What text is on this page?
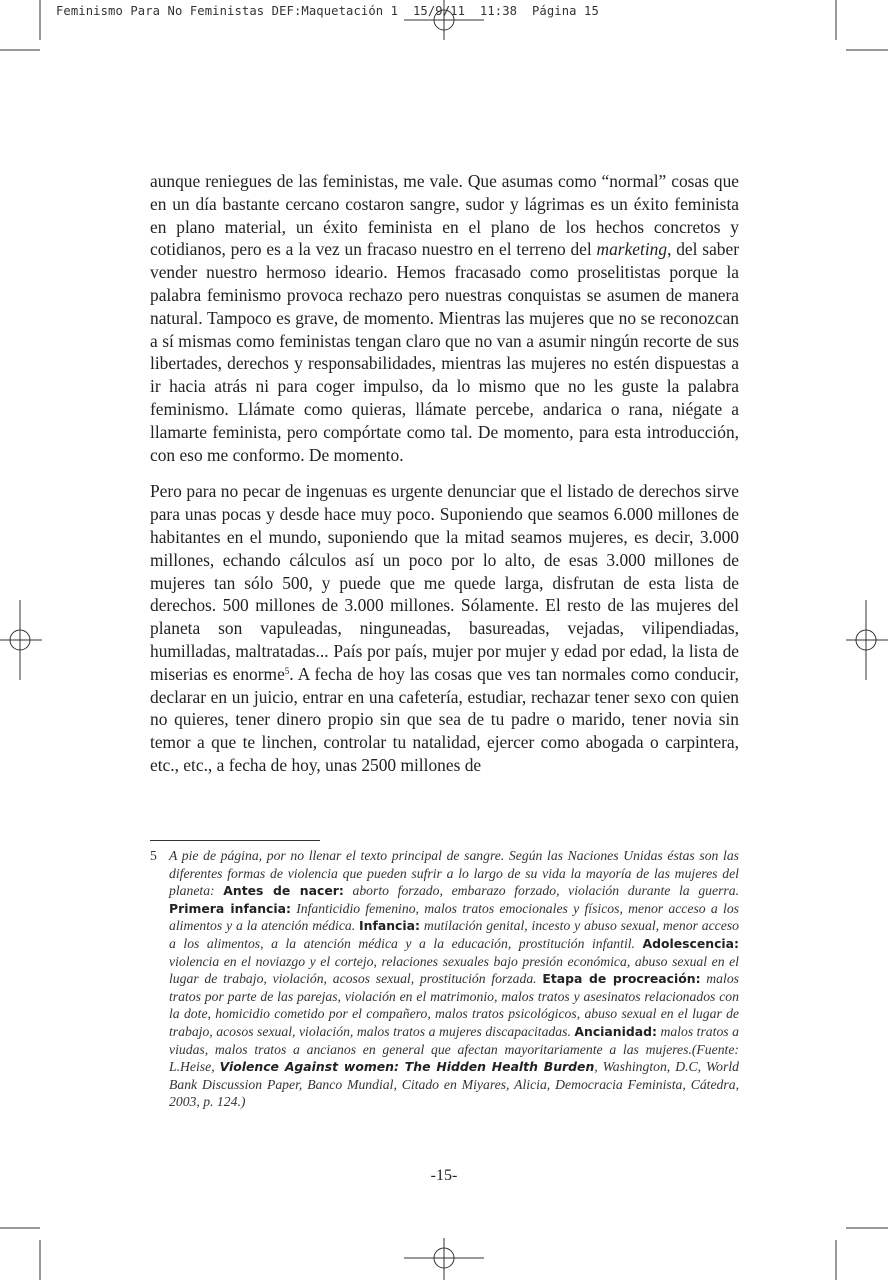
Feminismo Para No Feministas DEF:Maquetación 1  15/9/11  11:38  Página 15

aunque reniegues de las feministas, me vale. Que asumas como “normal” cosas que en un día bastante cercano costaron sangre, sudor y lágrimas es un éxito feminista en plano material, un éxito feminista en el plano de los hechos concretos y cotidianos, pero es a la vez un fracaso nuestro en el terreno del marketing, del saber vender nuestro hermoso ideario. Hemos fracasado como proselitistas porque la palabra feminismo provoca rechazo pero nuestras conquistas se asumen de manera natural. Tampoco es grave, de momento. Mientras las mujeres que no se reconozcan a sí mismas como feministas tengan claro que no van a asumir ningún recorte de sus libertades, derechos y responsabilidades, mientras las mujeres no estén dispuestas a ir hacia atrás ni para coger impulso, da lo mismo que no les guste la palabra feminismo. Llámate como quieras, llámate percebe, andarica o rana, niégate a llamarte feminista, pero compórtate como tal. De momento, para esta introducción, con eso me conformo. De momento.

Pero para no pecar de ingenuas es urgente denunciar que el listado de derechos sirve para unas pocas y desde hace muy poco. Suponiendo que seamos 6.000 millones de habitantes en el mundo, suponiendo que la mitad seamos mujeres, es decir, 3.000 millones, echando cálculos así un poco por lo alto, de esas 3.000 millones de mujeres tan sólo 500, y puede que me quede larga, disfrutan de esta lista de derechos. 500 millones de 3.000 millones. Sólamente. El resto de las mujeres del planeta son vapuleadas, ninguneadas, basureadas, vejadas, vilipendiadas, humilladas, maltratadas... País por país, mujer por mujer y edad por edad, la lista de miserias es enorme$^5$. A fecha de hoy las cosas que ves tan normales como conducir, declarar en un juicio, entrar en una cafetería, estudiar, rechazar tener sexo con quien no quieres, tener dinero propio sin que sea de tu padre o marido, tener novia sin temor a que te linchen, controlar tu natalidad, ejercer como abogada o carpintera, etc., etc., a fecha de hoy, unas 2500 millones de

5 A pie de página, por no llenar el texto principal de sangre. Según las Naciones Unidas éstas son las diferentes formas de violencia que pueden sufrir a lo largo de su vida la mayoría de las mujeres del planeta: Antes de nacer: aborto forzado, embarazo forzado, violación durante la guerra. Primera infancia: Infanticidio femenino, malos tratos emocionales y físicos, menor acceso a los alimentos y a la atención médica. Infancia: mutilación genital, incesto y abuso sexual, menor acceso a los alimentos, a la atención médica y a la educación, prostitución infantil. Adolescencia: violencia en el noviazgo y el cortejo, relaciones sexuales bajo presión económica, abuso sexual en el lugar de trabajo, violación, acosos sexual, prostitución forzada. Etapa de procreación: malos tratos por parte de las parejas, violación en el matrimonio, malos tratos y asesinatos relacionados con la dote, homicidio cometido por el compañero, malos tratos psicológicos, abuso sexual en el lugar de trabajo, acosos sexual, violación, malos tratos a mujeres discapacitadas. Ancianidad: malos tratos a viudas, malos tratos a ancianos en general que afectan mayoritariamente a las mujeres.(Fuente: L.Heise, Violence Against women: The Hidden Health Burden, Washington, D.C, World Bank Discussion Paper, Banco Mundial, Citado en Miyares, Alicia, Democracia Feminista, Cátedra, 2003, p. 124.)
-15-
